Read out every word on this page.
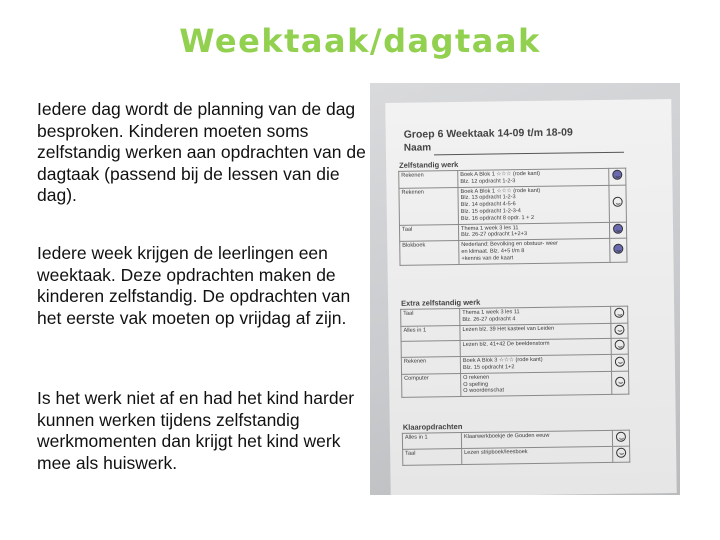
Weektaak/dagtaak
Iedere dag wordt de planning van de dag besproken. Kinderen moeten soms zelfstandig werken aan opdrachten van de dagtaak (passend bij de lessen van die dag).
Iedere week krijgen de leerlingen een weektaak. Deze opdrachten maken de kinderen zelfstandig. De opdrachten van het eerste vak moeten op vrijdag af zijn.
Is het werk niet af en had het kind harder kunnen werken tijdens zelfstandig werkmomenten dan krijgt het kind werk mee als huiswerk.
Groep 6 Weektaak 14-09 t/m 18-09
Naam
Zelfstandig werk
Rekenen	Boek A Blok 1 ☆☆☆ (rode kant)

Blz. 12 opdracht 1-2-3	

Rekenen	Boek A Blok 1 ☆☆☆ (rode kant)

Blz. 13 opdracht 1-2-3

Blz. 14 opdracht 4-5-6

Blz. 15 opdracht 1-2-3-4

Blz. 16 opdracht 8 opdr. 1 + 2	

Taal	Thema 1 week 3 les 11

Blz. 26-27 opdracht 1+2+3	

Blokboek	Nederland: Bevolking en obstuur- weer

en klimaat. Blz. 4+5 t/m 8

+kennis van de kaart	

Extra zelfstandig werk
Taal	Thema 1 week 3 les 11

Blz. 26-27 opdracht 4	

Alles in 1	Lezen blz. 39 Het kasteel van Leiden	

	Lezen blz. 41+42 De beeldenstorm	

Rekenen	Boek A Blok 3 ☆☆☆ (rode kant)

Blz. 15 opdracht 1+2	

Computer	O rekenen

O spelling

O woordenschat	

Klaaropdrachten
Alles in 1	Klaarwerkboekje de Gouden eeuw	

Taal	Lezen stripboek/leesboek	
